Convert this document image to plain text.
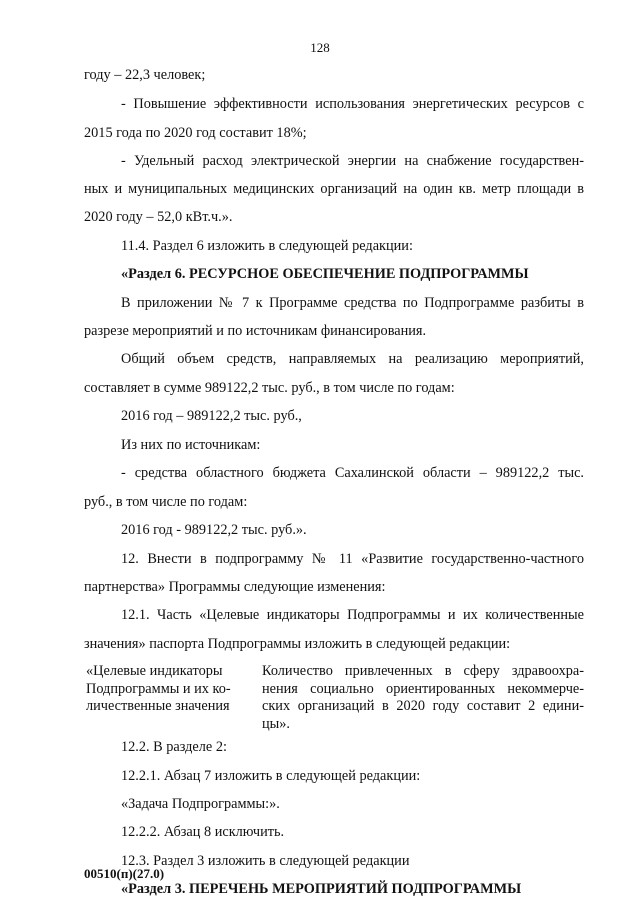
128
году – 22,3 человек;
- Повышение эффективности использования энергетических ресурсов с
2015 года по 2020 год составит 18%;
- Удельный расход электрической энергии на снабжение государствен-
ных и муниципальных медицинских организаций на один кв. метр площади в
2020 году – 52,0 кВт.ч.».
11.4. Раздел 6 изложить в следующей редакции:
«Раздел 6. РЕСУРСНОЕ ОБЕСПЕЧЕНИЕ ПОДПРОГРАММЫ
В приложении № 7 к Программе средства по Подпрограмме разбиты в
разрезе мероприятий и по источникам финансирования.
Общий объем средств, направляемых на реализацию мероприятий,
составляет в сумме 989122,2 тыс. руб., в том числе по годам:
2016 год – 989122,2 тыс. руб.,
Из них по источникам:
- средства областного бюджета Сахалинской области – 989122,2 тыс.
руб., в том числе по годам:
2016 год - 989122,2 тыс. руб.».
12. Внести в подпрограмму № 11 «Развитие государственно-частного
партнерства» Программы следующие изменения:
12.1. Часть «Целевые индикаторы Подпрограммы и их количественные
значения» паспорта Подпрограммы изложить в следующей редакции:
«Целевые индикаторы
Подпрограммы и их ко-
личественные значения
Количество привлеченных в сферу здравоохра-
нения социально ориентированных некоммерче-
ских организаций в 2020 году составит 2 едини-
цы».
12.2. В разделе 2:
12.2.1. Абзац 7 изложить в следующей редакции:
«Задача Подпрограммы:».
12.2.2. Абзац 8 исключить.
12.3. Раздел 3 изложить в следующей редакции
«Раздел 3. ПЕРЕЧЕНЬ МЕРОПРИЯТИЙ ПОДПРОГРАММЫ
00510(п)(27.0)
